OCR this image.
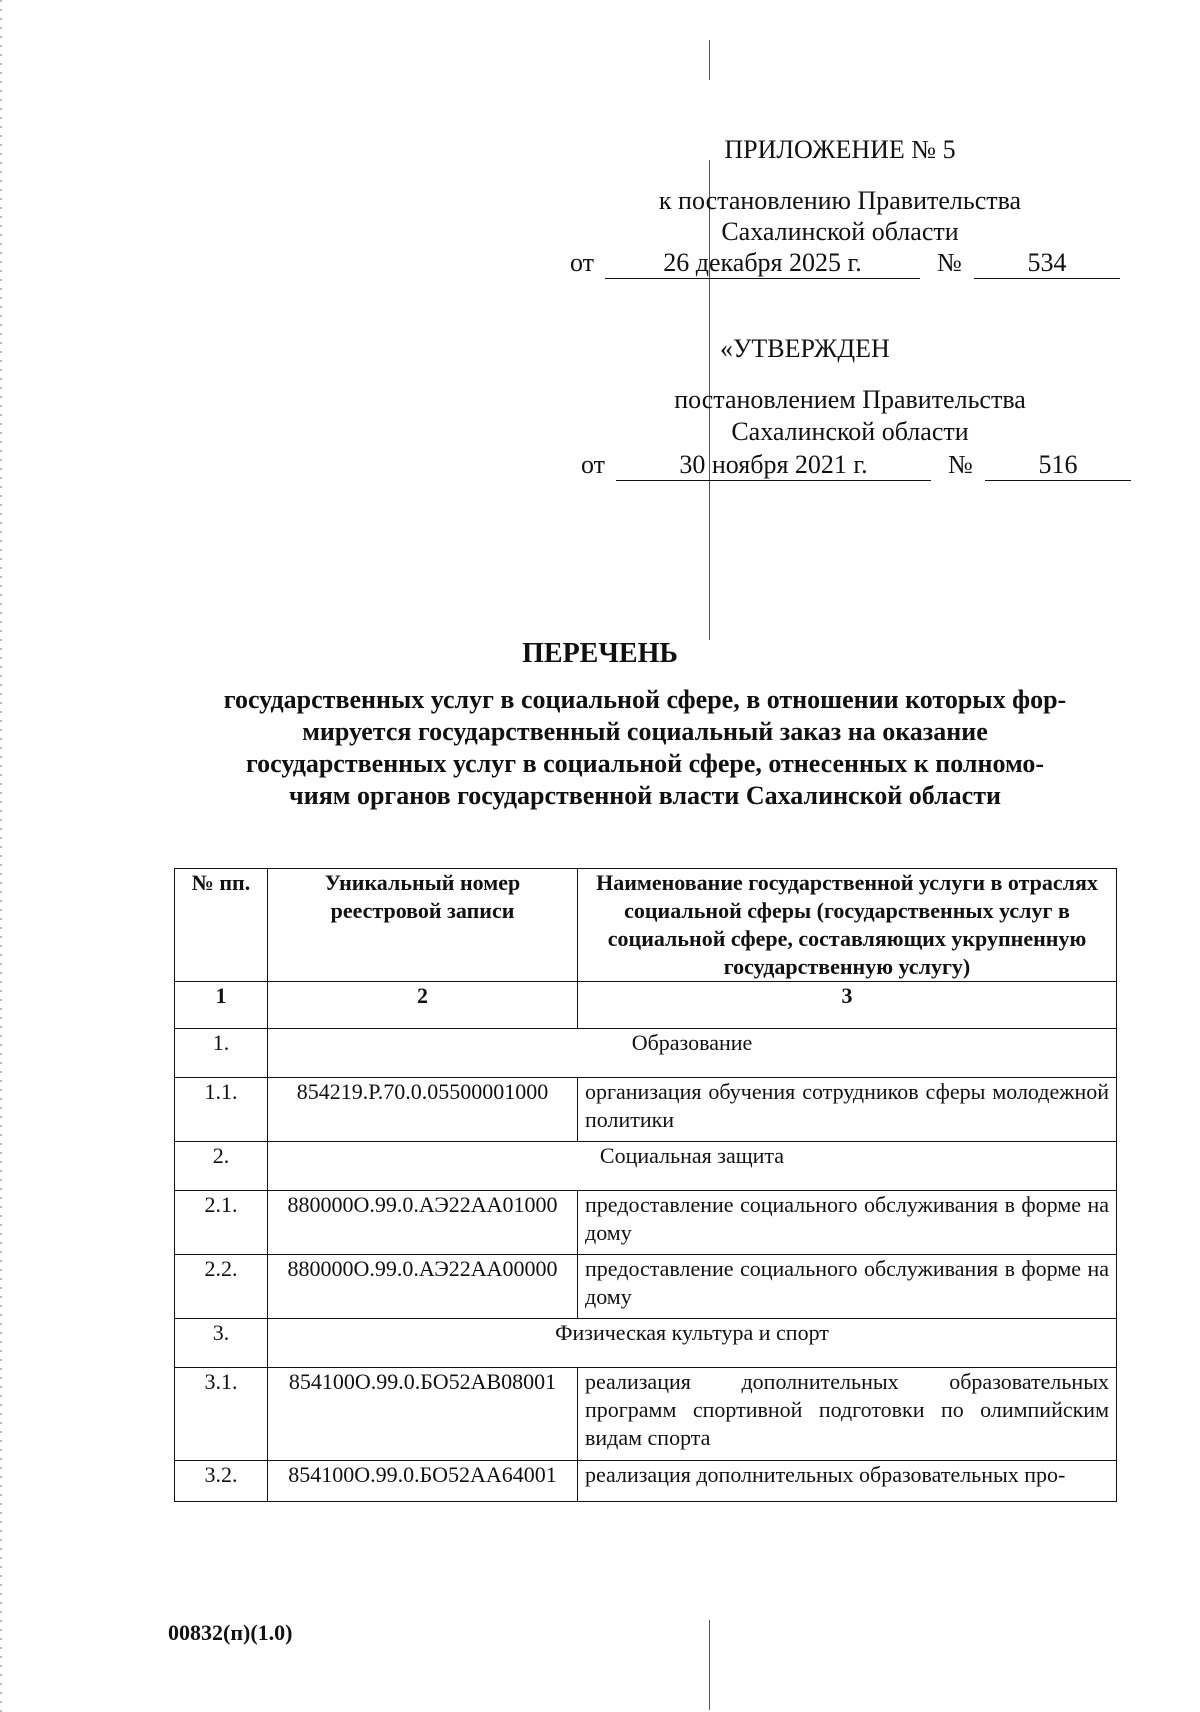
ПРИЛОЖЕНИЕ № 5
к постановлению Правительства
Сахалинской области
от	26 декабря 2025 г.	№	534
«УТВЕРЖДЕН
постановлением Правительства
Сахалинской области
от	30 ноября 2021 г.	№	516
ПЕРЕЧЕНЬ
государственных услуг в социальной сфере, в отношении которых фор-
мируется государственный социальный заказ на оказание
государственных услуг в социальной сфере, отнесенных к полномо-
чиям органов государственной власти Сахалинской области
№ пп.	Уникальный номер реестровой записи	Наименование государственной услуги в отраслях социальной сферы (государственных услуг в социальной сфере, составляющих укрупненную государственную услугу)
1	2	3
1.	Образование	
1.1.	854219.Р.70.0.05500001000	организация обучения сотрудников сферы молодежной политики
2.	Социальная защита	
2.1.	880000О.99.0.АЭ22АА01000	предоставление социального обслуживания в форме на дому
2.2.	880000О.99.0.АЭ22АА00000	предоставление социального обслуживания в форме на дому
3.	Физическая культура и спорт	
3.1.	854100О.99.0.БО52АВ08001	реализация дополнительных образовательных программ спортивной подготовки по олимпийским видам спорта
3.2.	854100О.99.0.БО52АА64001	реализация дополнительных образовательных про-
00832(п)(1.0)
